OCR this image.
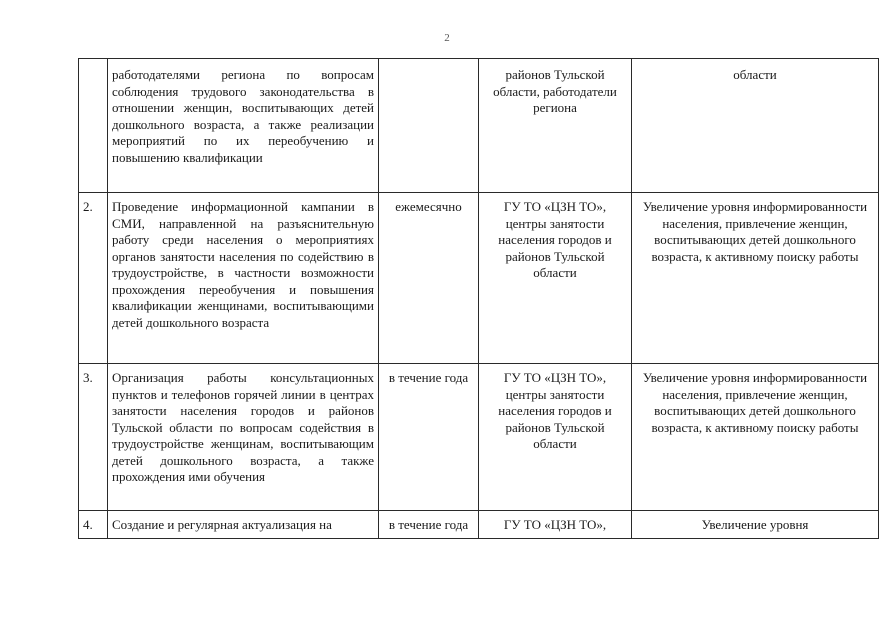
2
	работодателями региона по вопросам соблюдения трудового законодательства в отношении женщин, воспитывающих детей дошкольного возраста, а также реализации мероприятий по их переобучению и повышению квалификации		районов Тульской области, работодатели региона	области
2.	Проведение информационной кампании в СМИ, направленной на разъяснительную работу среди населения о мероприятиях органов занятости населения по содействию в трудоустройстве, в частности возможности прохождения переобучения и повышения квалификации женщинами, воспитывающими детей дошкольного возраста	ежемесячно	ГУ ТО «ЦЗН ТО», центры занятости населения городов и районов Тульской области	Увеличение уровня информированности населения, привлечение женщин, воспитывающих детей дошкольного возраста, к активному поиску работы
3.	Организация работы консультационных пунктов и телефонов горячей линии в центрах занятости населения городов и районов Тульской области по вопросам содействия в трудоустройстве женщинам, воспитывающим детей дошкольного возраста, а также прохождения ими обучения	в течение года	ГУ ТО «ЦЗН ТО», центры занятости населения городов и районов Тульской области	Увеличение уровня информированности населения, привлечение женщин, воспитывающих детей дошкольного возраста, к активному поиску работы
4.	Создание и регулярная актуализация на	в течение года	ГУ ТО «ЦЗН ТО»,	Увеличение уровня
